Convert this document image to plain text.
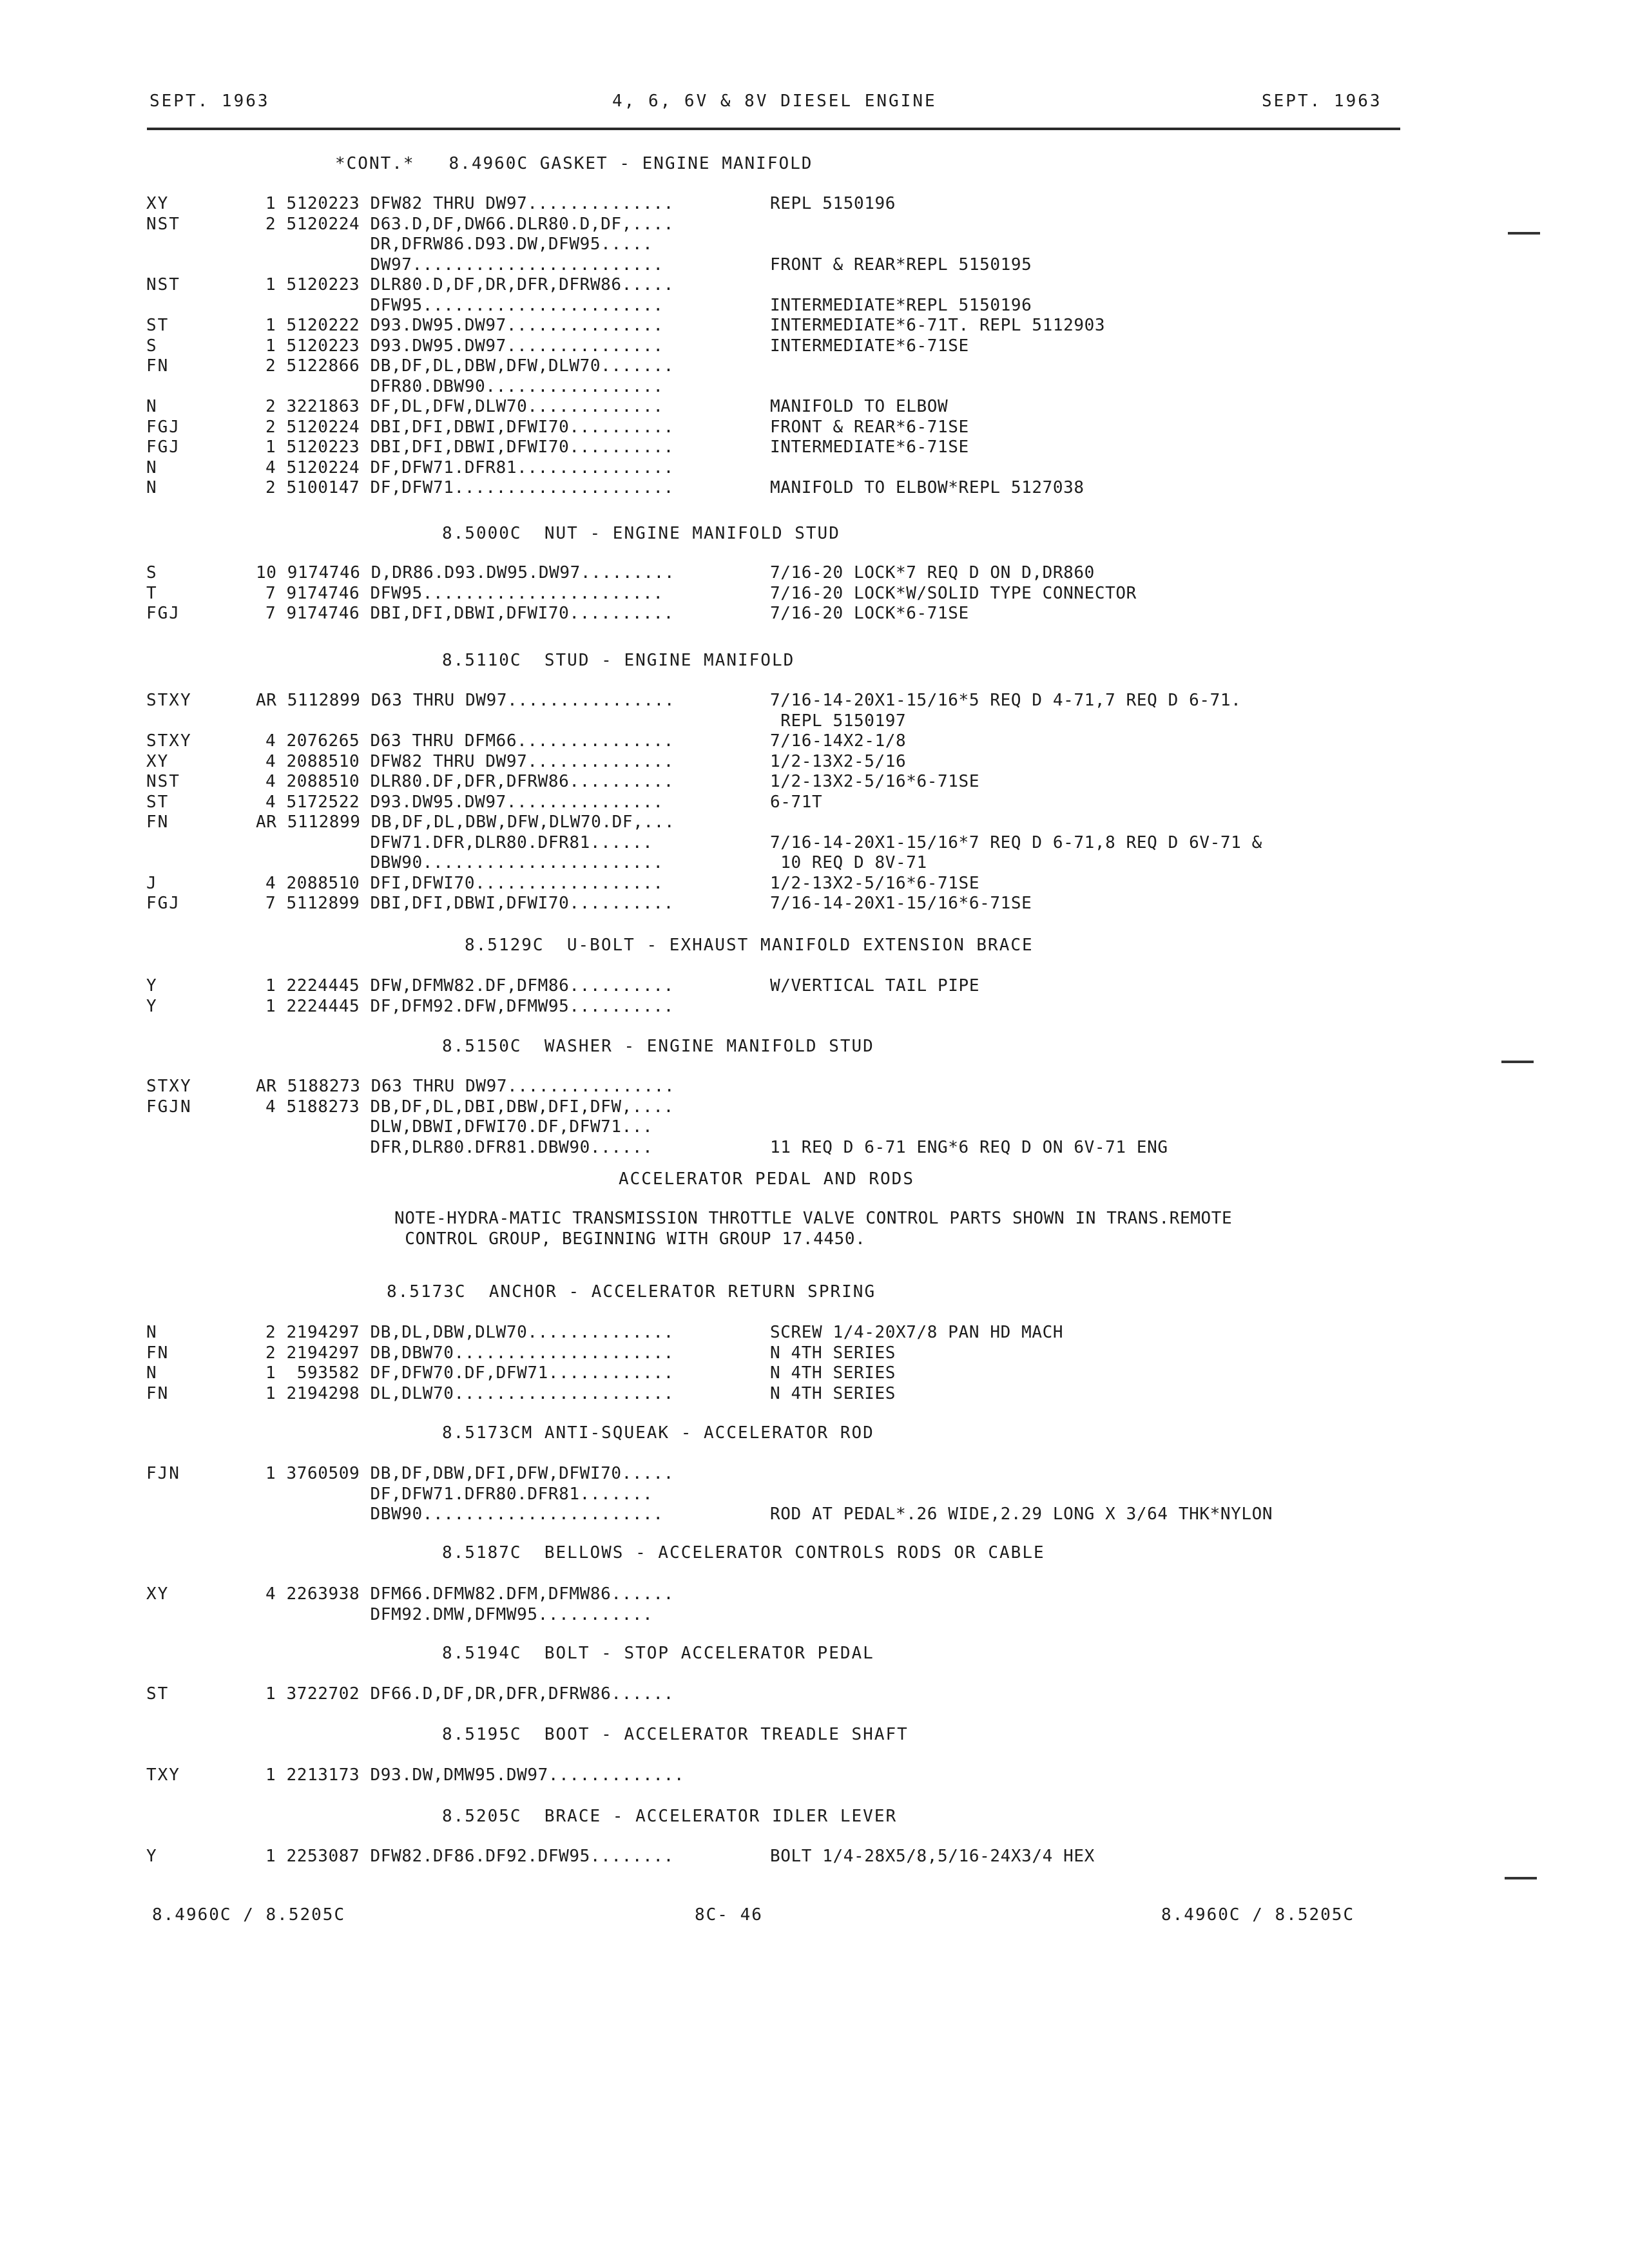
SEPT. 1963	4, 6, 6V & 8V DIESEL ENGINE	SEPT. 1963
*CONT.*   8.4960C GASKET - ENGINE MANIFOLD
XY	1 5120223 DFW82 THRU DW97..............	REPL 5150196
NST	2 5120224 D63.D,DF,DW66.DLR80.D,DF,....
DR,DFRW86.D93.DW,DFW95.....
DW97........................	FRONT & REAR*REPL 5150195
NST	1 5120223 DLR80.D,DF,DR,DFR,DFRW86.....
DFW95.......................	INTERMEDIATE*REPL 5150196
ST	1 5120222 D93.DW95.DW97...............	INTERMEDIATE*6-71T. REPL 5112903
S	1 5120223 D93.DW95.DW97...............	INTERMEDIATE*6-71SE
FN	2 5122866 DB,DF,DL,DBW,DFW,DLW70.......
DFR80.DBW90.................
N	2 3221863 DF,DL,DFW,DLW70.............	MANIFOLD TO ELBOW
FGJ	2 5120224 DBI,DFI,DBWI,DFWI70..........	FRONT & REAR*6-71SE
FGJ	1 5120223 DBI,DFI,DBWI,DFWI70..........	INTERMEDIATE*6-71SE
N	4 5120224 DF,DFW71.DFR81...............
N	2 5100147 DF,DFW71.....................	MANIFOLD TO ELBOW*REPL 5127038
8.5000C  NUT - ENGINE MANIFOLD STUD
S	10 9174746 D,DR86.D93.DW95.DW97.........	7/16-20 LOCK*7 REQ D ON D,DR860
T	7 9174746 DFW95.......................	7/16-20 LOCK*W/SOLID TYPE CONNECTOR
FGJ	7 9174746 DBI,DFI,DBWI,DFWI70..........	7/16-20 LOCK*6-71SE
8.5110C  STUD - ENGINE MANIFOLD
STXY	AR 5112899 D63 THRU DW97................	7/16-14-20X1-15/16*5 REQ D 4-71,7 REQ D 6-71.
REPL 5150197
STXY	4 2076265 D63 THRU DFM66...............	7/16-14X2-1/8
XY	4 2088510 DFW82 THRU DW97..............	1/2-13X2-5/16
NST	4 2088510 DLR80.DF,DFR,DFRW86..........	1/2-13X2-5/16*6-71SE
ST	4 5172522 D93.DW95.DW97...............	6-71T
FN	AR 5112899 DB,DF,DL,DBW,DFW,DLW70.DF,...
DFW71.DFR,DLR80.DFR81......	7/16-14-20X1-15/16*7 REQ D 6-71,8 REQ D 6V-71 &
DBW90.......................	10 REQ D 8V-71
J	4 2088510 DFI,DFWI70..................	1/2-13X2-5/16*6-71SE
FGJ	7 5112899 DBI,DFI,DBWI,DFWI70..........	7/16-14-20X1-15/16*6-71SE
8.5129C  U-BOLT - EXHAUST MANIFOLD EXTENSION BRACE
Y	1 2224445 DFW,DFMW82.DF,DFM86..........	W/VERTICAL TAIL PIPE
Y	1 2224445 DF,DFM92.DFW,DFMW95..........
8.5150C  WASHER - ENGINE MANIFOLD STUD
STXY	AR 5188273 D63 THRU DW97................
FGJN	4 5188273 DB,DF,DL,DBI,DBW,DFI,DFW,....
DLW,DBWI,DFWI70.DF,DFW71...
DFR,DLR80.DFR81.DBW90......	11 REQ D 6-71 ENG*6 REQ D ON 6V-71 ENG
ACCELERATOR PEDAL AND RODS
NOTE-HYDRA-MATIC TRANSMISSION THROTTLE VALVE CONTROL PARTS SHOWN IN TRANS.REMOTE
CONTROL GROUP, BEGINNING WITH GROUP 17.4450.
8.5173C  ANCHOR - ACCELERATOR RETURN SPRING
N	2 2194297 DB,DL,DBW,DLW70..............	SCREW 1/4-20X7/8 PAN HD MACH
FN	2 2194297 DB,DBW70.....................	N 4TH SERIES
N	1  593582 DF,DFW70.DF,DFW71............	N 4TH SERIES
FN	1 2194298 DL,DLW70.....................	N 4TH SERIES
8.5173CM ANTI-SQUEAK - ACCELERATOR ROD
FJN	1 3760509 DB,DF,DBW,DFI,DFW,DFWI70.....
DF,DFW71.DFR80.DFR81.......
DBW90.......................	ROD AT PEDAL*.26 WIDE,2.29 LONG X 3/64 THK*NYLON
8.5187C  BELLOWS - ACCELERATOR CONTROLS RODS OR CABLE
XY	4 2263938 DFM66.DFMW82.DFM,DFMW86......
DFM92.DMW,DFMW95...........
8.5194C  BOLT - STOP ACCELERATOR PEDAL
ST	1 3722702 DF66.D,DF,DR,DFR,DFRW86......
8.5195C  BOOT - ACCELERATOR TREADLE SHAFT
TXY	1 2213173 D93.DW,DMW95.DW97.............
8.5205C  BRACE - ACCELERATOR IDLER LEVER
Y	1 2253087 DFW82.DF86.DF92.DFW95........	BOLT 1/4-28X5/8,5/16-24X3/4 HEX
8.4960C / 8.5205C	8C- 46	8.4960C / 8.5205C
